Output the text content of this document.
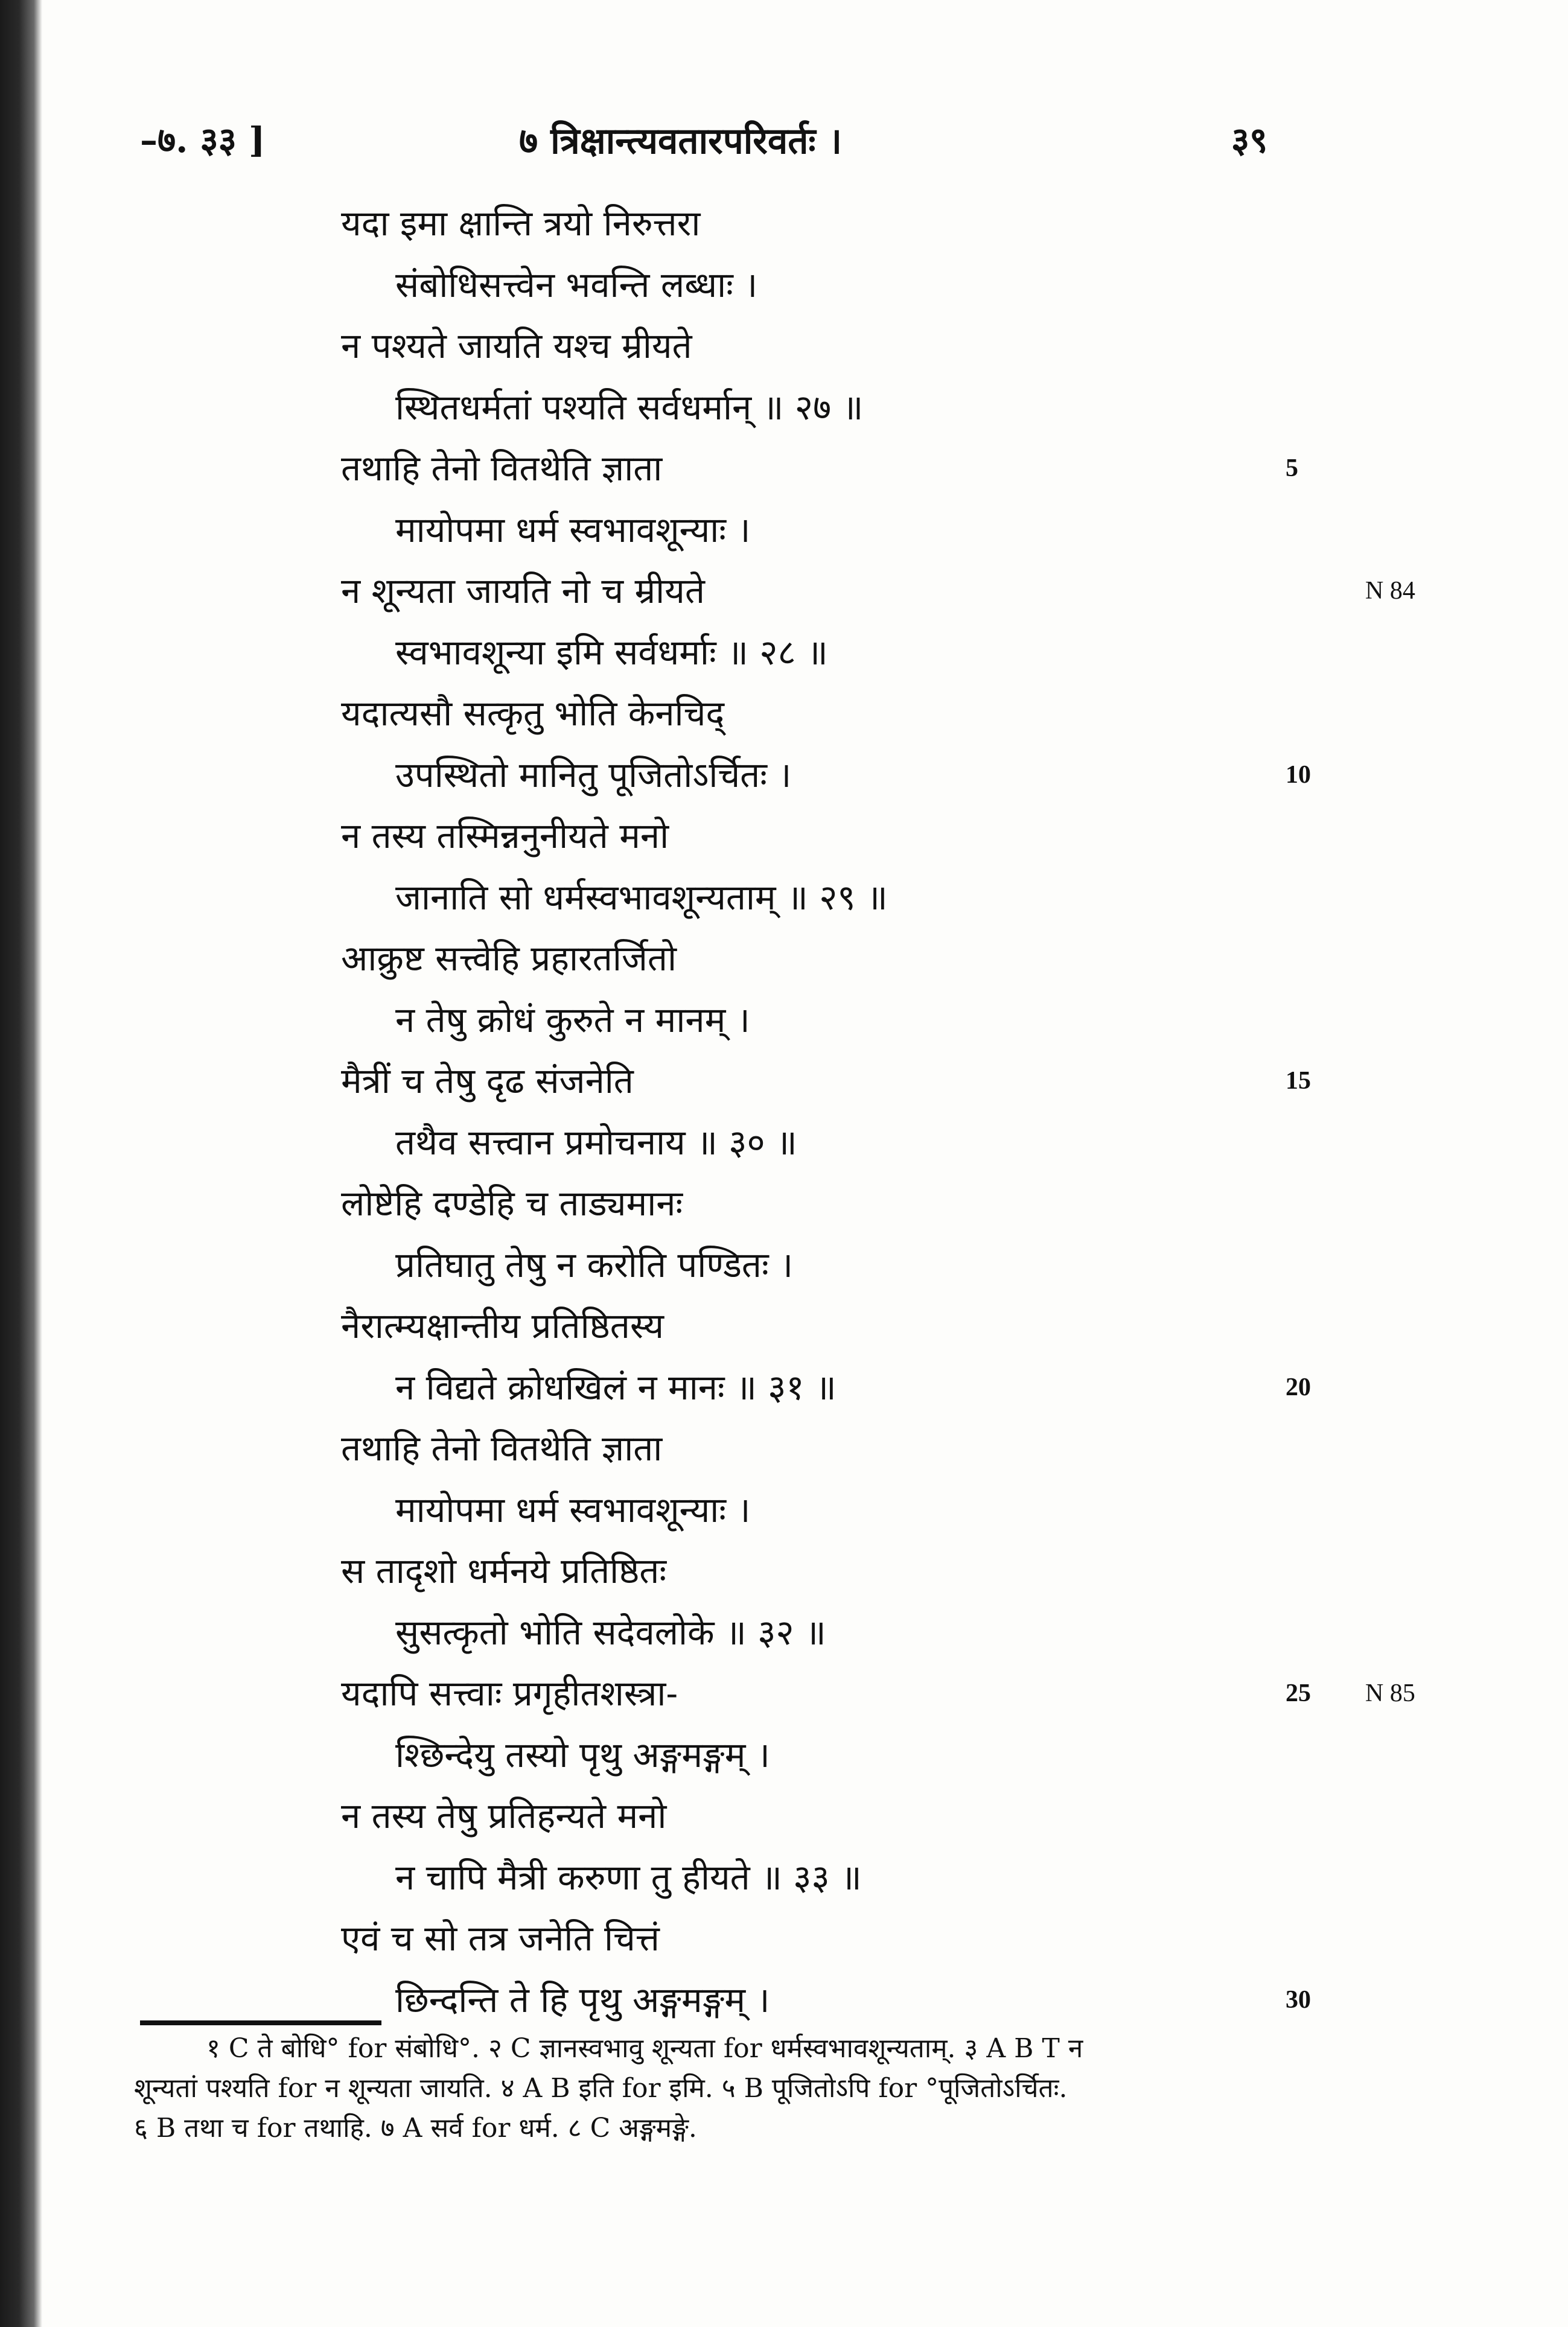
–७. ३३ ]	७ त्रिक्षान्त्यवतारपरिवर्तः ।	३९
यदा इमा क्षान्ति त्रयो निरुत्तरा
संबोधिसत्त्वेन भवन्ति लब्धाः ।
न पश्यते जायति यश्च म्रीयते
स्थितधर्मतां पश्यति सर्वधर्मान् ॥ २७ ॥
तथाहि तेनो वितथेति ज्ञाता	5
मायोपमा धर्म स्वभावशून्याः ।
न शून्यता जायति नो च म्रीयते	N 84
स्वभावशून्या इमि सर्वधर्माः ॥ २८ ॥
यदात्यसौ सत्कृतु भोति केनचिद्
उपस्थितो मानितु पूजितोऽर्चितः ।	10
न तस्य तस्मिन्ननुनीयते मनो
जानाति सो धर्मस्वभावशून्यताम् ॥ २९ ॥
आक्रुष्ट सत्त्वेहि प्रहारतर्जितो
न तेषु क्रोधं कुरुते न मानम् ।
मैत्रीं च तेषु दृढ संजनेति	15
तथैव सत्त्वान प्रमोचनाय ॥ ३० ॥
लोष्टेहि दण्डेहि च ताड्यमानः
प्रतिघातु तेषु न करोति पण्डितः ।
नैरात्म्यक्षान्तीय प्रतिष्ठितस्य
न विद्यते क्रोधखिलं न मानः ॥ ३१ ॥	20
तथाहि तेनो वितथेति ज्ञाता
मायोपमा धर्म स्वभावशून्याः ।
स तादृशो धर्मनये प्रतिष्ठितः
सुसत्कृतो भोति सदेवलोके ॥ ३२ ॥
यदापि सत्त्वाः प्रगृहीतशस्त्रा-	25 N 85
श्छिन्देयु तस्यो पृथु अङ्गमङ्गम् ।
न तस्य तेषु प्रतिहन्यते मनो
न चापि मैत्री करुणा तु हीयते ॥ ३३ ॥
एवं च सो तत्र जनेति चित्तं
छिन्दन्ति ते हि पृथु अङ्गमङ्गम् ।	30
१ C ते बोधि° for संबोधि°. २ C ज्ञानस्वभावु शून्यता for धर्मस्वभावशून्यताम्. ३ A B T न
शून्यतां पश्यति for न शून्यता जायति. ४ A B इति for इमि. ५ B पूजितोऽपि for °पूजितोऽर्चितः.
६ B तथा च for तथाहि. ७ A सर्व for धर्म. ८ C अङ्गमङ्गे.
